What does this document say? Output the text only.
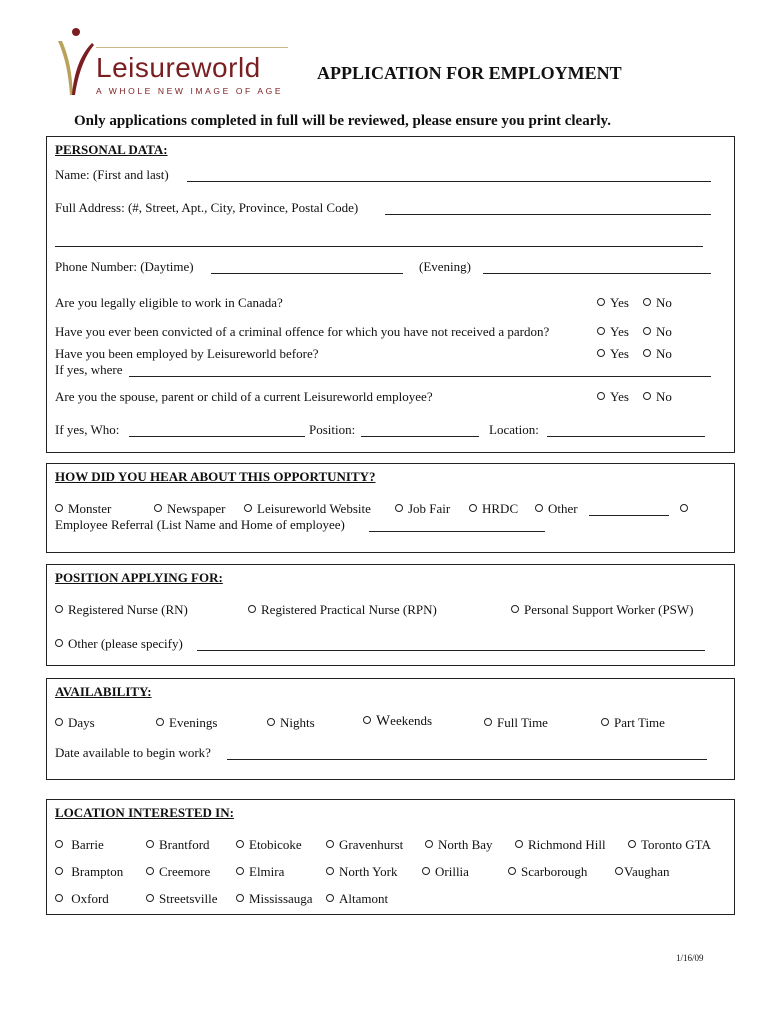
Leisureworld
A WHOLE NEW IMAGE OF AGE
APPLICATION FOR EMPLOYMENT
Only applications completed in full will be reviewed, please ensure you print clearly.
PERSONAL DATA:
Name: (First and last)
Full Address: (#, Street, Apt., City, Province, Postal Code)
Phone Number: (Daytime)	(Evening)
Are you legally eligible to work in Canada?	Yes	No
Have you ever been convicted of a criminal offence for which you have not received a pardon?	Yes	No
Have you been employed by Leisureworld before?	Yes	No
If yes, where
Are you the spouse, parent or child of a current Leisureworld employee?	Yes	No
If yes, Who:	Position:	Location:
HOW DID YOU HEAR ABOUT THIS OPPORTUNITY?
Monster	Newspaper	Leisureworld Website	Job Fair	HRDC	Other
Employee Referral (List Name and Home of employee)
POSITION APPLYING FOR:
Registered Nurse (RN)	Registered Practical Nurse (RPN)	Personal Support Worker (PSW)
Other (please specify)
AVAILABILITY:
Days	Evenings	Nights	Weekends	Full Time	Part Time
Date available to begin work?
LOCATION INTERESTED IN:
Barrie	Brantford	Etobicoke	Gravenhurst	North Bay	Richmond Hill	Toronto GTA
Brampton	Creemore	Elmira	North York	Orillia	Scarborough	Vaughan
Oxford	Streetsville	Mississauga	Altamont
1/16/09
